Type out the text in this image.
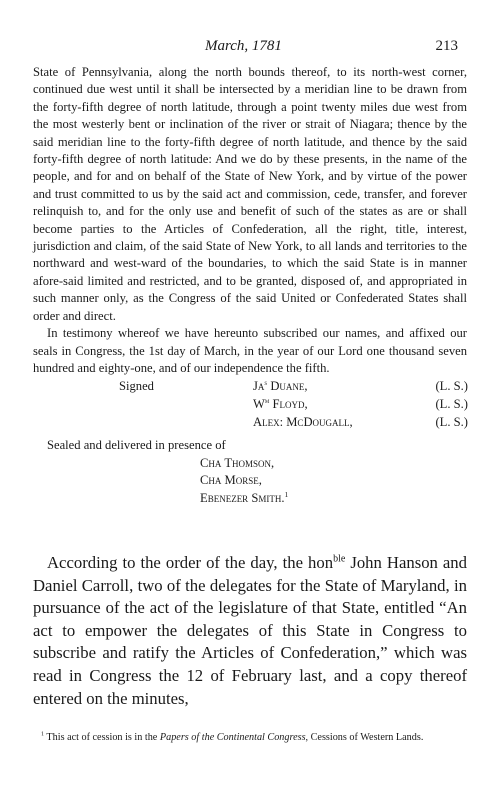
March, 1781	213

State of Pennsylvania, along the north bounds thereof, to its north-west corner, continued due west until it shall be intersected by a meridian line to be drawn from the forty-fifth degree of north latitude, through a point twenty miles due west from the most westerly bent or inclination of the river or strait of Niagara; thence by the said meridian line to the forty-fifth degree of north latitude, and thence by the said forty-fifth degree of north latitude: And we do by these presents, in the name of the people, and for and on behalf of the State of New York, and by virtue of the power and trust committed to us by the said act and commission, cede, transfer, and forever relinquish to, and for the only use and benefit of such of the states as are or shall become parties to the Articles of Confederation, all the right, title, interest, jurisdiction and claim, of the said State of New York, to all lands and territories to the northward and west-ward of the boundaries, to which the said State is in manner afore-said limited and restricted, and to be granted, disposed of, and appropriated in such manner only, as the Congress of the said United or Confederated States shall order and direct.

In testimony whereof we have hereunto subscribed our names, and affixed our seals in Congress, the 1st day of March, in the year of our Lord one thousand seven hundred and eighty-one, and of our independence the fifth.

Signed	Ja$^s$ Duane,	(L. S.)
$W^m$ Floyd,	(L. S.)
Alex: McDougall,	(L. S.)

Sealed and delivered in presence of

Cha Thomson,
Cha Morse,
Ebenezer Smith.$^1$

According to the order of the day, the hon$^{ble}$ John Hanson and Daniel Carroll, two of the delegates for the State of Maryland, in pursuance of the act of the legislature of that State, entitled “An act to empower the delegates of this State in Congress to subscribe and ratify the Articles of Confederation,” which was read in Congress the 12 of February last, and a copy thereof entered on the minutes,

$^1$ This act of cession is in the Papers of the Continental Congress, Cessions of Western Lands.
